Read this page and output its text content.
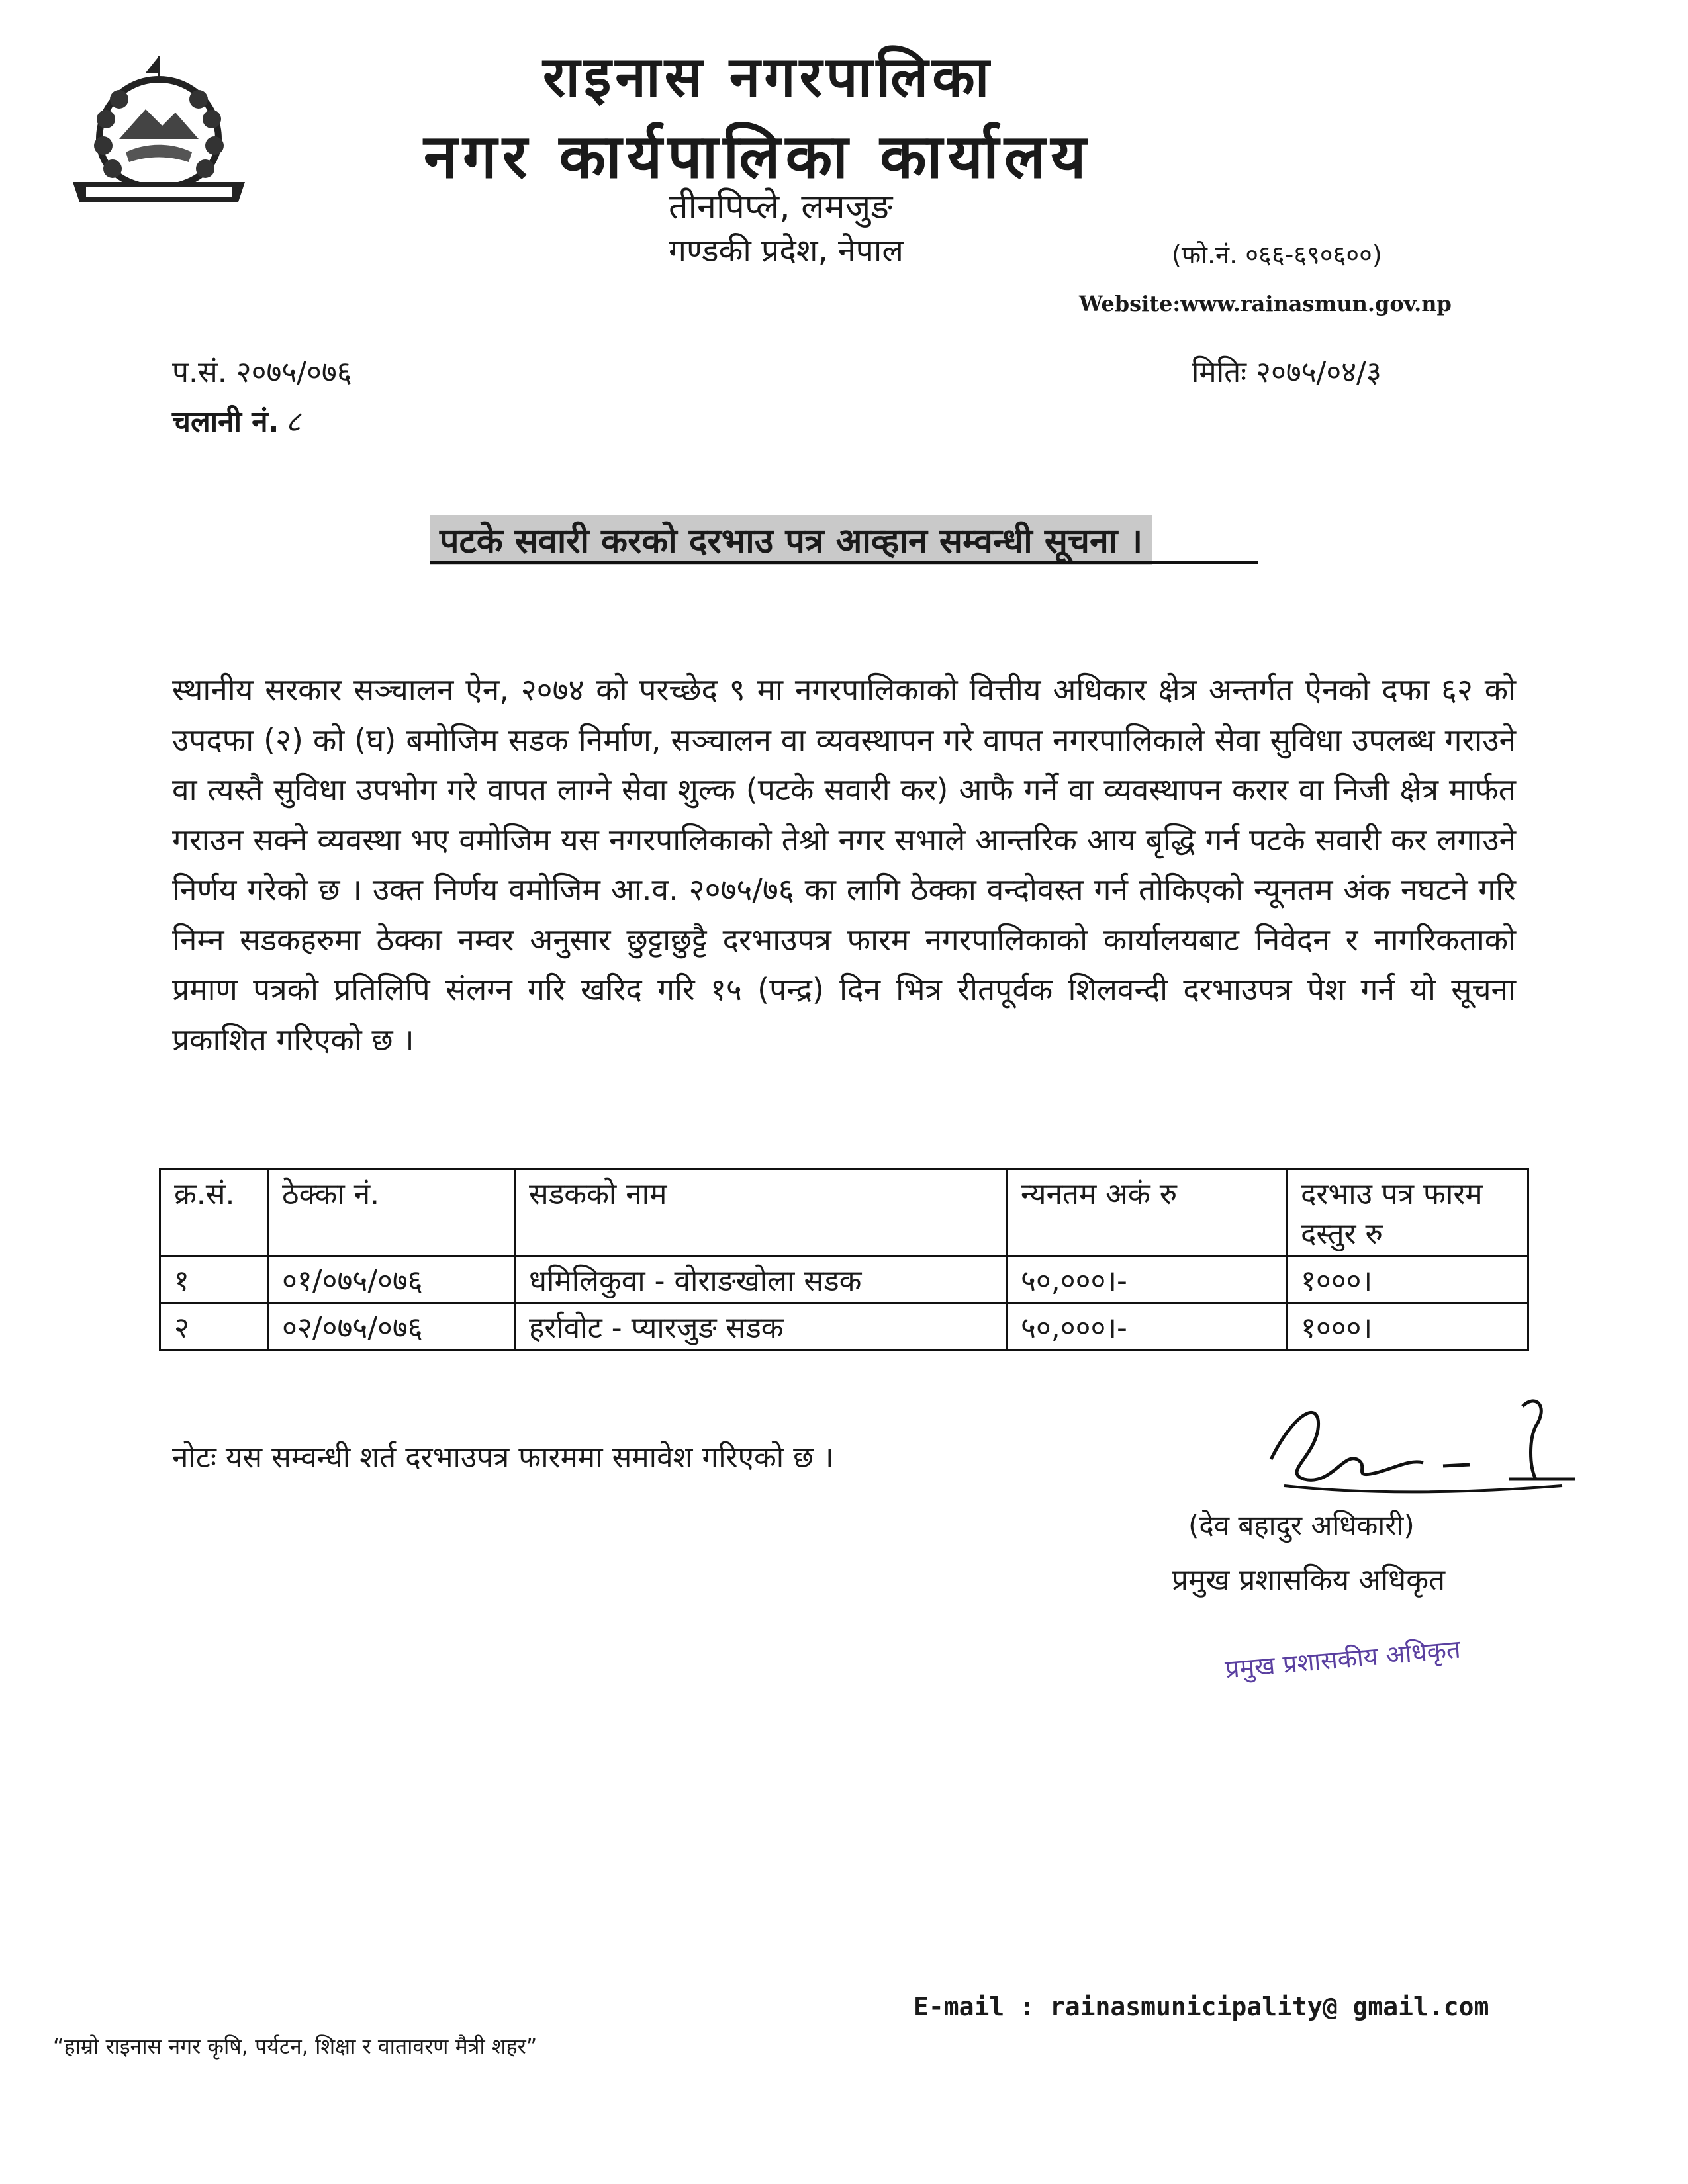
राइनास नगरपालिका
नगर कार्यपालिका कार्यालय
तीनपिप्ले, लमजुङ
गण्डकी प्रदेश, नेपाल	(फो.नं. ०६६-६९०६००)
Website:www.rainasmun.gov.np
प.सं. २०७५/०७६	मितिः २०७५/०४/३
चलानी नं. ८
पटके सवारी करको दरभाउ पत्र आव्हान सम्वन्धी सूचना ।
स्थानीय सरकार सञ्चालन ऐन, २०७४ को परच्छेद ९ मा नगरपालिकाको वित्तीय अधिकार क्षेत्र अन्तर्गत ऐनको दफा ६२ को उपदफा (२) को (घ) बमोजिम सडक निर्माण, सञ्चालन वा व्यवस्थापन गरे वापत नगरपालिकाले सेवा सुविधा उपलब्ध गराउने वा त्यस्तै सुविधा उपभोग गरे वापत लाग्ने सेवा शुल्क (पटके सवारी कर) आफै गर्ने वा व्यवस्थापन करार वा निजी क्षेत्र मार्फत गराउन सक्ने व्यवस्था भए वमोजिम यस नगरपालिकाको तेश्रो नगर सभाले आन्तरिक आय बृद्धि गर्न पटके सवारी कर लगाउने निर्णय गरेको छ । उक्त निर्णय वमोजिम आ.व. २०७५/७६ का लागि ठेक्का वन्दोवस्त गर्न तोकिएको न्यूनतम अंक नघटने गरि निम्न सडकहरुमा ठेक्का नम्वर अनुसार छुट्टाछुट्टै दरभाउपत्र फारम नगरपालिकाको कार्यालयबाट निवेदन र नागरिकताको प्रमाण पत्रको प्रतिलिपि संलग्न गरि खरिद गरि १५ (पन्द्र) दिन भित्र रीतपूर्वक शिलवन्दी दरभाउपत्र पेश गर्न यो सूचना प्रकाशित गरिएको छ ।
क्र.सं.	ठेक्का नं.	सडकको नाम	न्यनतम अकं रु	दरभाउ पत्र फारम दस्तुर रु
१	०१/०७५/०७६	धमिलिकुवा - वोराङखोला सडक	५०,०००।-	१०००।
२	०२/०७५/०७६	हर्रावोट - प्यारजुङ सडक	५०,०००।-	१०००।
नोटः यस सम्वन्धी शर्त दरभाउपत्र फारममा समावेश गरिएको छ ।
(देव बहादुर अधिकारी)
प्रमुख प्रशासकिय अधिकृत
प्रमुख प्रशासकीय अधिकृत
E-mail : rainasmunicipality@ gmail.com
“हाम्रो राइनास नगर कृषि, पर्यटन, शिक्षा र वातावरण मैत्री शहर”
